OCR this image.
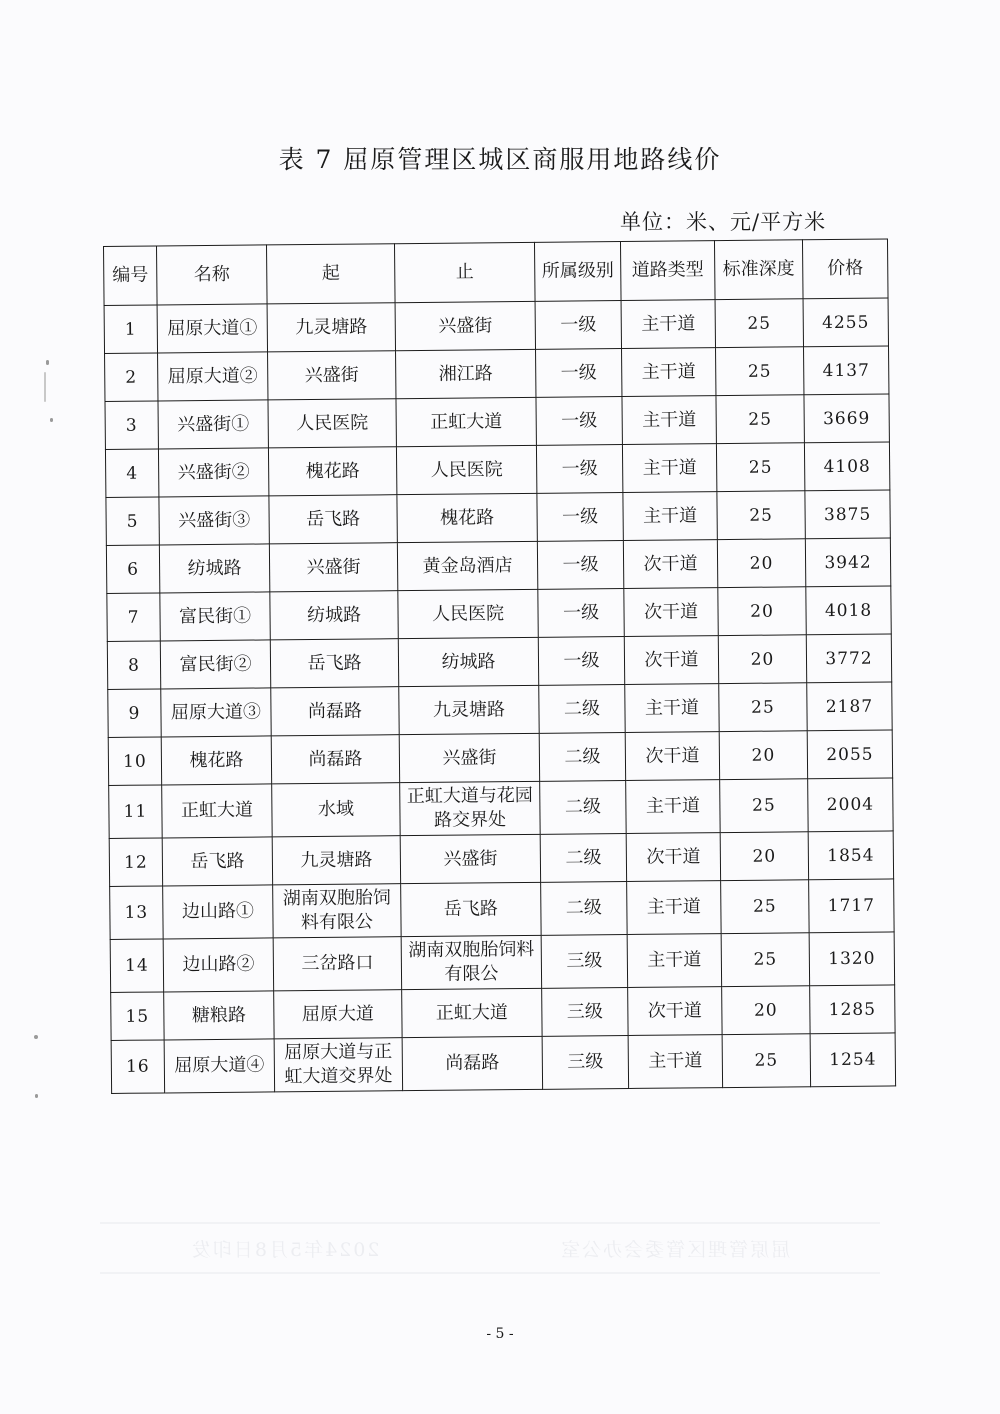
表 7 屈原管理区城区商服用地路线价
单位：米、元/平方米
编号	名称	起	止	所属级别	道路类型	标准深度	价格
1	屈原大道①	九灵塘路	兴盛街	一级	主干道	25	4255
2	屈原大道②	兴盛街	湘江路	一级	主干道	25	4137
3	兴盛街①	人民医院	正虹大道	一级	主干道	25	3669
4	兴盛街②	槐花路	人民医院	一级	主干道	25	4108
5	兴盛街③	岳飞路	槐花路	一级	主干道	25	3875
6	纺城路	兴盛街	黄金岛酒店	一级	次干道	20	3942
7	富民街①	纺城路	人民医院	一级	次干道	20	4018
8	富民街②	岳飞路	纺城路	一级	次干道	20	3772
9	屈原大道③	尚磊路	九灵塘路	二级	主干道	25	2187
10	槐花路	尚磊路	兴盛街	二级	次干道	20	2055
11	正虹大道	水域	正虹大道与花园路交界处	二级	主干道	25	2004
12	岳飞路	九灵塘路	兴盛街	二级	次干道	20	1854
13	边山路①	湖南双胞胎饲料有限公	岳飞路	二级	主干道	25	1717
14	边山路②	三岔路口	湖南双胞胎饲料有限公	三级	主干道	25	1320
15	糖粮路	屈原大道	正虹大道	三级	次干道	20	1285
16	屈原大道④	屈原大道与正虹大道交界处	尚磊路	三级	主干道	25	1254
屈原管理区管委会办公室
2024年5月8日印发
- 5 -
